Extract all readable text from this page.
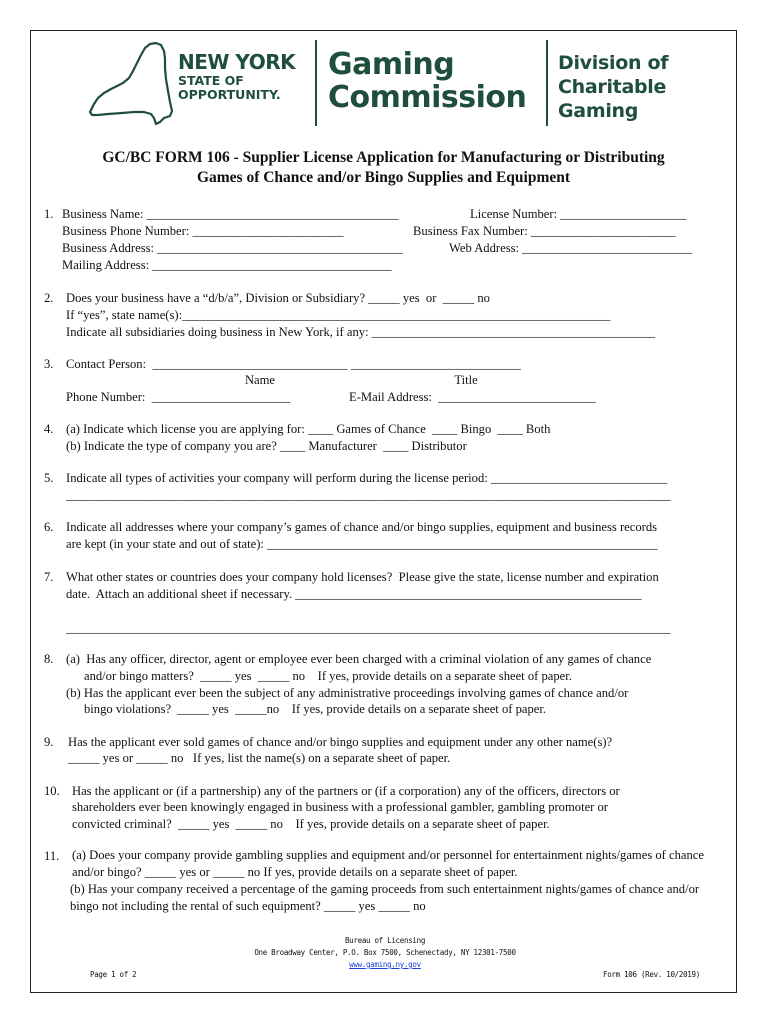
NEW YORK
STATE OF
OPPORTUNITY.
Gaming
Commission
Division of
Charitable
Gaming
GC/BC FORM 106 - Supplier License Application for Manufacturing or Distributing
Games of Chance and/or Bingo Supplies and Equipment
1. Business Name: ________________________________________	License Number: ____________________
Business Phone Number: ________________________	Business Fax Number: _______________________
Business Address: _______________________________________	Web Address: ___________________________
Mailing Address: ______________________________________
2. Does your business have a “d/b/a”, Division or Subsidiary? _____ yes  or  _____ no
If “yes”, state name(s):____________________________________________________________________
Indicate all subsidiaries doing business in New York, if any: _____________________________________________
3. Contact Person:  _______________________________ ___________________________
Name	Title
Phone Number:  ______________________	E-Mail Address:  _________________________
4. (a) Indicate which license you are applying for: ____ Games of Chance  ____ Bingo  ____ Both
(b) Indicate the type of company you are? ____ Manufacturer  ____ Distributor
5. Indicate all types of activities your company will perform during the license period: ____________________________
________________________________________________________________________________________________
6. Indicate all addresses where your company’s games of chance and/or bingo supplies, equipment and business records
are kept (in your state and out of state): ______________________________________________________________
7. What other states or countries does your company hold licenses?  Please give the state, license number and expiration
date.  Attach an additional sheet if necessary. _______________________________________________________
________________________________________________________________________________________________
8. (a)  Has any officer, director, agent or employee ever been charged with a criminal violation of any games of chance
and/or bingo matters?  _____ yes  _____ no    If yes, provide details on a separate sheet of paper.
(b) Has the applicant ever been the subject of any administrative proceedings involving games of chance and/or
bingo violations?  _____ yes  _____no    If yes, provide details on a separate sheet of paper.
9. Has the applicant ever sold games of chance and/or bingo supplies and equipment under any other name(s)?
_____ yes or _____ no   If yes, list the name(s) on a separate sheet of paper.
10. Has the applicant or (if a partnership) any of the partners or (if a corporation) any of the officers, directors or
shareholders ever been knowingly engaged in business with a professional gambler, gambling promoter or
convicted criminal?  _____ yes  _____ no    If yes, provide details on a separate sheet of paper.
11. (a) Does your company provide gambling supplies and equipment and/or personnel for entertainment nights/games of chance and/or bingo? _____ yes or _____ no If yes, provide details on a separate sheet of paper.
(b) Has your company received a percentage of the gaming proceeds from such entertainment nights/games of chance and/or bingo not including the rental of such equipment? _____ yes _____ no
Bureau of Licensing
One Broadway Center, P.O. Box 7500, Schenectady, NY 12301-7500
www.gaming.ny.gov
Page 1 of 2	Form 106 (Rev. 10/2019)
